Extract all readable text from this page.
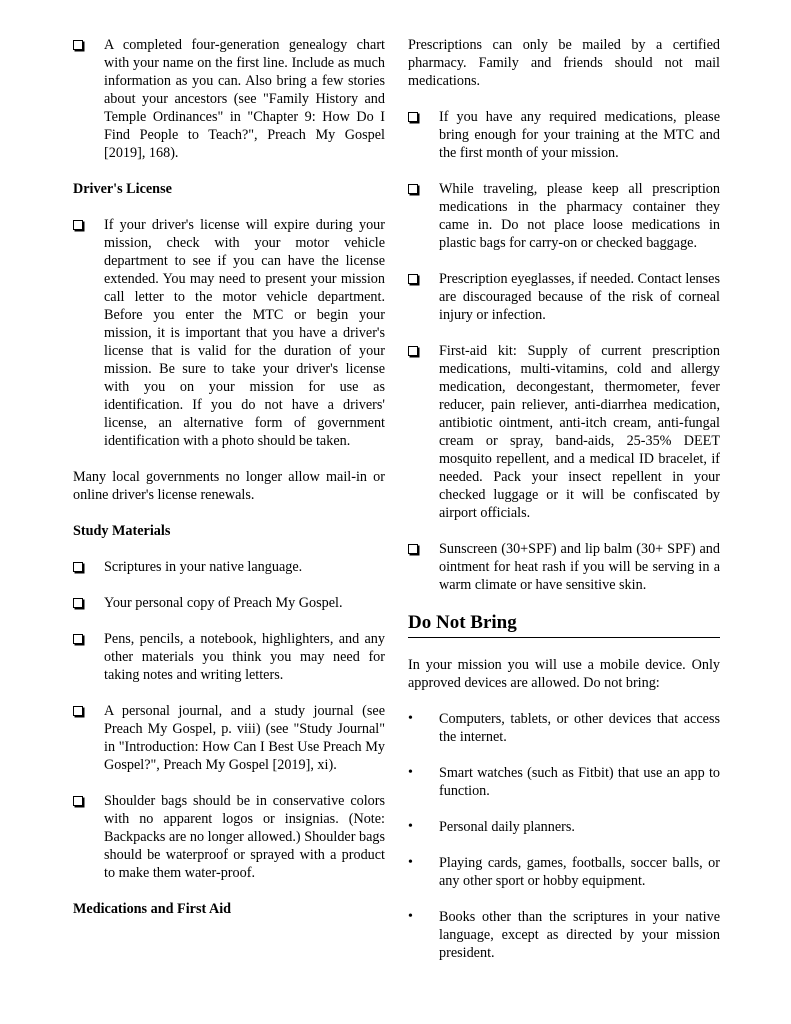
A completed four-generation genealogy chart with your name on the first line. Include as much information as you can. Also bring a few stories about your ancestors (see "Family History and Temple Ordinances" in "Chapter 9: How Do I Find People to Teach?", Preach My Gospel [2019], 168).
Driver's License
If your driver's license will expire during your mission, check with your motor vehicle department to see if you can have the license extended. You may need to present your mission call letter to the motor vehicle department. Before you enter the MTC or begin your mission, it is important that you have a driver's license that is valid for the duration of your mission. Be sure to take your driver's license with you on your mission for use as identification. If you do not have a drivers' license, an alternative form of government identification with a photo should be taken.
Many local governments no longer allow mail-in or online driver's license renewals.
Study Materials
Scriptures in your native language.
Your personal copy of Preach My Gospel.
Pens, pencils, a notebook, highlighters, and any other materials you think you may need for taking notes and writing letters.
A personal journal, and a study journal (see Preach My Gospel, p. viii) (see "Study Journal" in "Introduction: How Can I Best Use Preach My Gospel?", Preach My Gospel [2019], xi).
Shoulder bags should be in conservative colors with no apparent logos or insignias. (Note: Backpacks are no longer allowed.) Shoulder bags should be waterproof or sprayed with a product to make them water-proof.
Medications and First Aid
Prescriptions can only be mailed by a certified pharmacy. Family and friends should not mail medications.
If you have any required medications, please bring enough for your training at the MTC and the first month of your mission.
While traveling, please keep all prescription medications in the pharmacy container they came in. Do not place loose medications in plastic bags for carry-on or checked baggage.
Prescription eyeglasses, if needed. Contact lenses are discouraged because of the risk of corneal injury or infection.
First-aid kit: Supply of current prescription medications, multi-vitamins, cold and allergy medication, decongestant, thermometer, fever reducer, pain reliever, anti-diarrhea medication, antibiotic ointment, anti-itch cream, anti-fungal cream or spray, band-aids, 25-35% DEET mosquito repellent, and a medical ID bracelet, if needed. Pack your insect repellent in your checked luggage or it will be confiscated by airport officials.
Sunscreen (30+SPF) and lip balm (30+ SPF) and ointment for heat rash if you will be serving in a warm climate or have sensitive skin.
Do Not Bring
In your mission you will use a mobile device. Only approved devices are allowed. Do not bring:
•	Computers, tablets, or other devices that access the internet.
•	Smart watches (such as Fitbit) that use an app to function.
•	Personal daily planners.
•	Playing cards, games, footballs, soccer balls, or any other sport or hobby equipment.
•	Books other than the scriptures in your native language, except as directed by your mission president.
